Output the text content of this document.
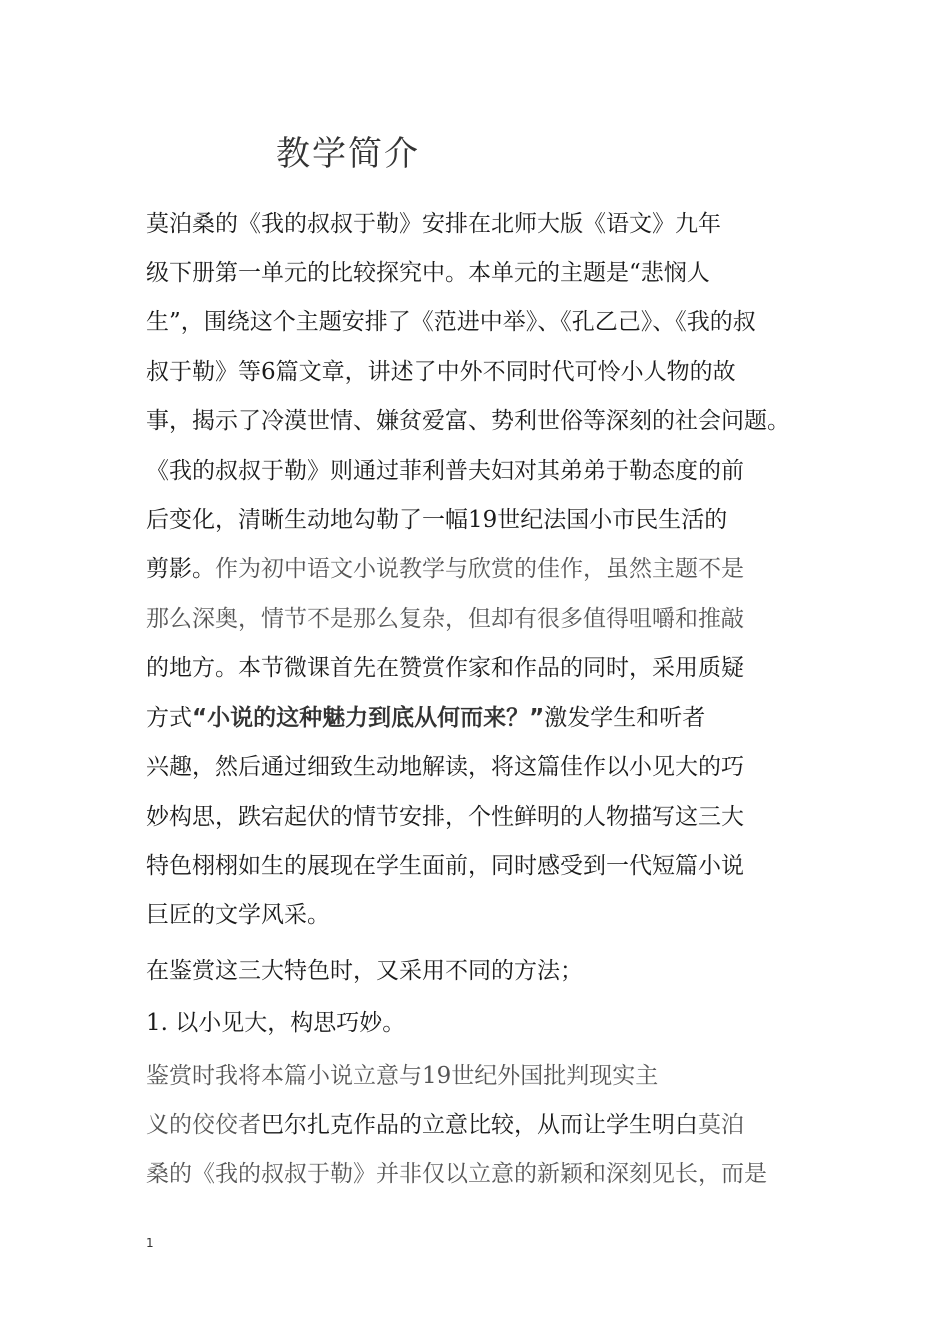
教学简介
莫泊桑的《我的叔叔于勒》安排在北师大版《语文》九年
级下册第一单元的比较探究中。本单元的主题是“悲悯人
生”，围绕这个主题安排了《范进中举》、《孔乙己》、《我的叔
叔于勒》等6篇文章，讲述了中外不同时代可怜小人物的故
事，揭示了冷漠世情、嫌贫爱富、势利世俗等深刻的社会问题。
《我的叔叔于勒》则通过菲利普夫妇对其弟弟于勒态度的前
后变化，清晰生动地勾勒了一幅19世纪法国小市民生活的
剪影。作为初中语文小说教学与欣赏的佳作，虽然主题不是
那么深奥，情节不是那么复杂，但却有很多值得咀嚼和推敲
的地方。本节微课首先在赞赏作家和作品的同时，采用质疑
方式“小说的这种魅力到底从何而来？”激发学生和听者
兴趣，然后通过细致生动地解读，将这篇佳作以小见大的巧
妙构思，跌宕起伏的情节安排，个性鲜明的人物描写这三大
特色栩栩如生的展现在学生面前，同时感受到一代短篇小说
巨匠的文学风采。
在鉴赏这三大特色时，又采用不同的方法；
1. 以小见大，构思巧妙。
鉴赏时我将本篇小说立意与19世纪外国批判现实主
义的佼佼者巴尔扎克作品的立意比较，从而让学生明白莫泊
桑的《我的叔叔于勒》并非仅以立意的新颖和深刻见长，而是
1
